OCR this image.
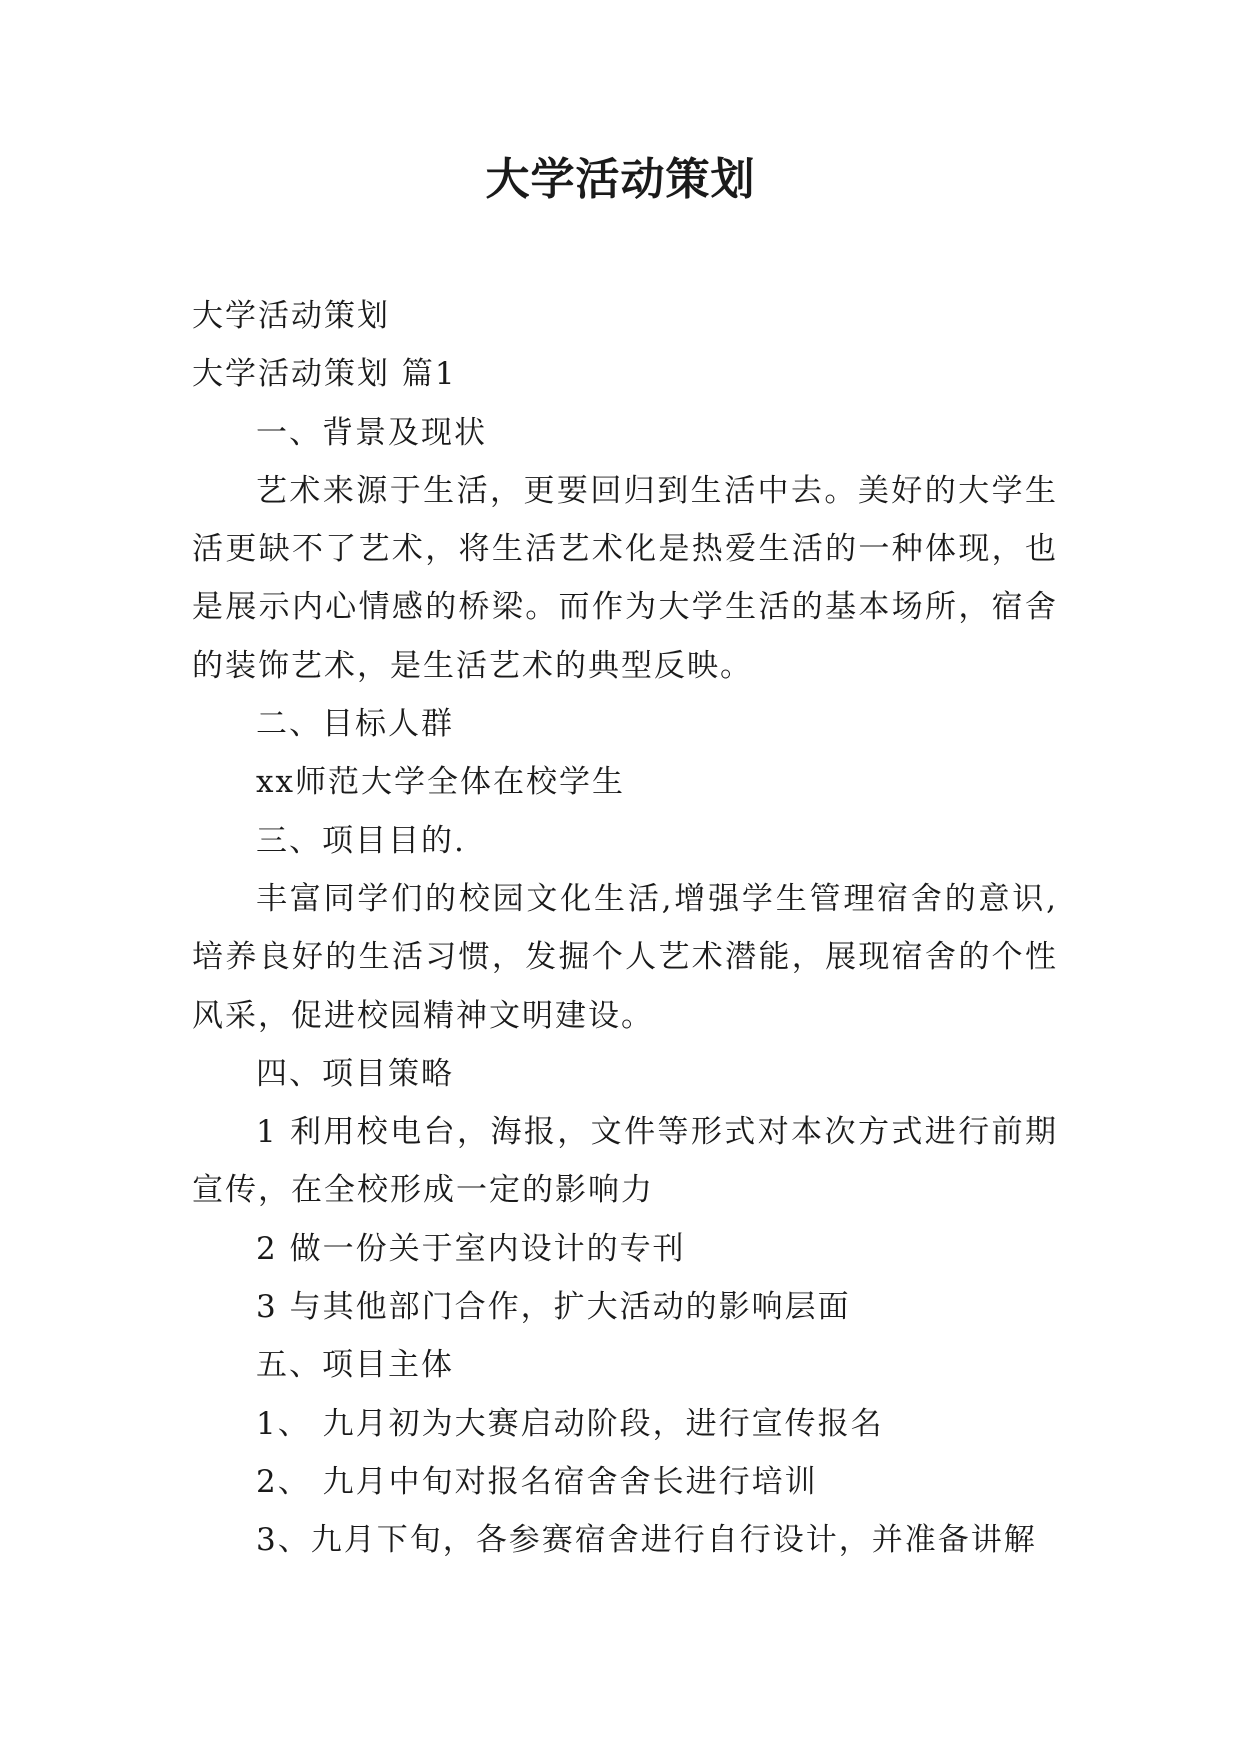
大学活动策划

大学活动策划

大学活动策划 篇1

一、背景及现状

艺术来源于生活，更要回归到生活中去。美好的大学生活更缺不了艺术，将生活艺术化是热爱生活的一种体现，也是展示内心情感的桥梁。而作为大学生活的基本场所，宿舍的装饰艺术，是生活艺术的典型反映。

二、目标人群

xx师范大学全体在校学生

三、项目目的.

丰富同学们的校园文化生活,增强学生管理宿舍的意识,培养良好的生活习惯，发掘个人艺术潜能，展现宿舍的个性风采，促进校园精神文明建设。

四、项目策略

1 利用校电台，海报，文件等形式对本次方式进行前期宣传，在全校形成一定的影响力

2 做一份关于室内设计的专刊

3 与其他部门合作，扩大活动的影响层面

五、项目主体

1、 九月初为大赛启动阶段，进行宣传报名

2、 九月中旬对报名宿舍舍长进行培训

3、九月下旬，各参赛宿舍进行自行设计，并准备讲解
